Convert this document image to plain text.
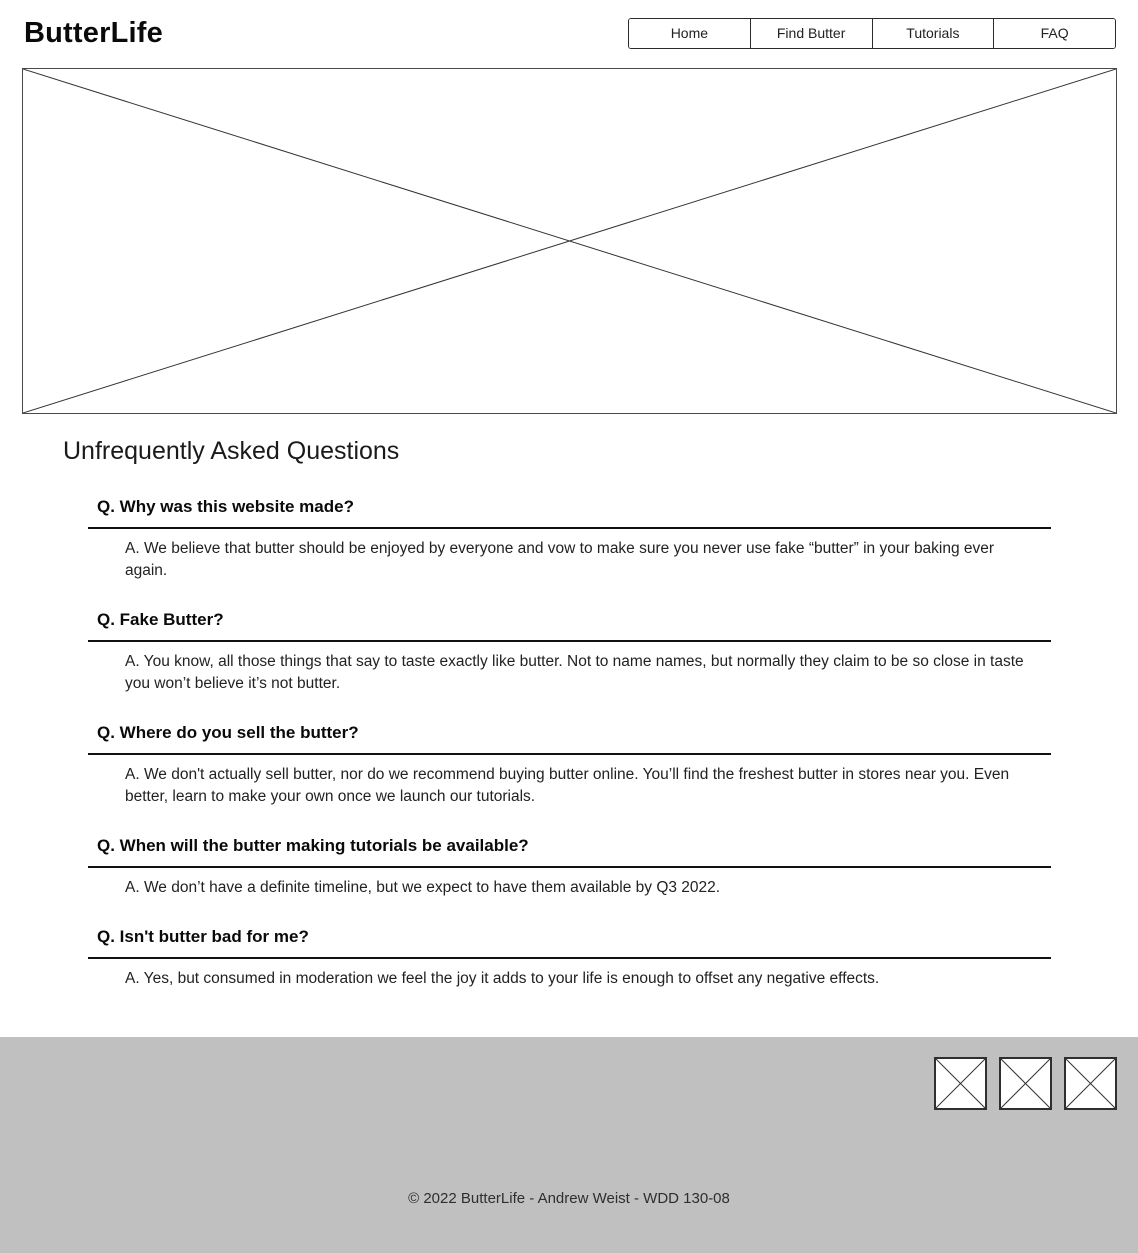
ButterLife	Home	Find Butter	Tutorials	FAQ
Unfrequently Asked Questions
Q. Why was this website made?

A. We believe that butter should be enjoyed by everyone and vow to make sure you never use fake “butter” in your baking ever again.

Q. Fake Butter?

A. You know, all those things that say to taste exactly like butter. Not to name names, but normally they claim to be so close in taste you won’t believe it’s not butter.

Q. Where do you sell the butter?

A. We don't actually sell butter, nor do we recommend buying butter online. You’ll find the freshest butter in stores near you. Even better, learn to make your own once we launch our tutorials.

Q. When will the butter making tutorials be available?

A. We don’t have a definite timeline, but we expect to have them available by Q3 2022.

Q. Isn't butter bad for me?

A. Yes, but consumed in moderation we feel the joy it adds to your life is enough to offset any negative effects.

© 2022 ButterLife - Andrew Weist - WDD 130-08
